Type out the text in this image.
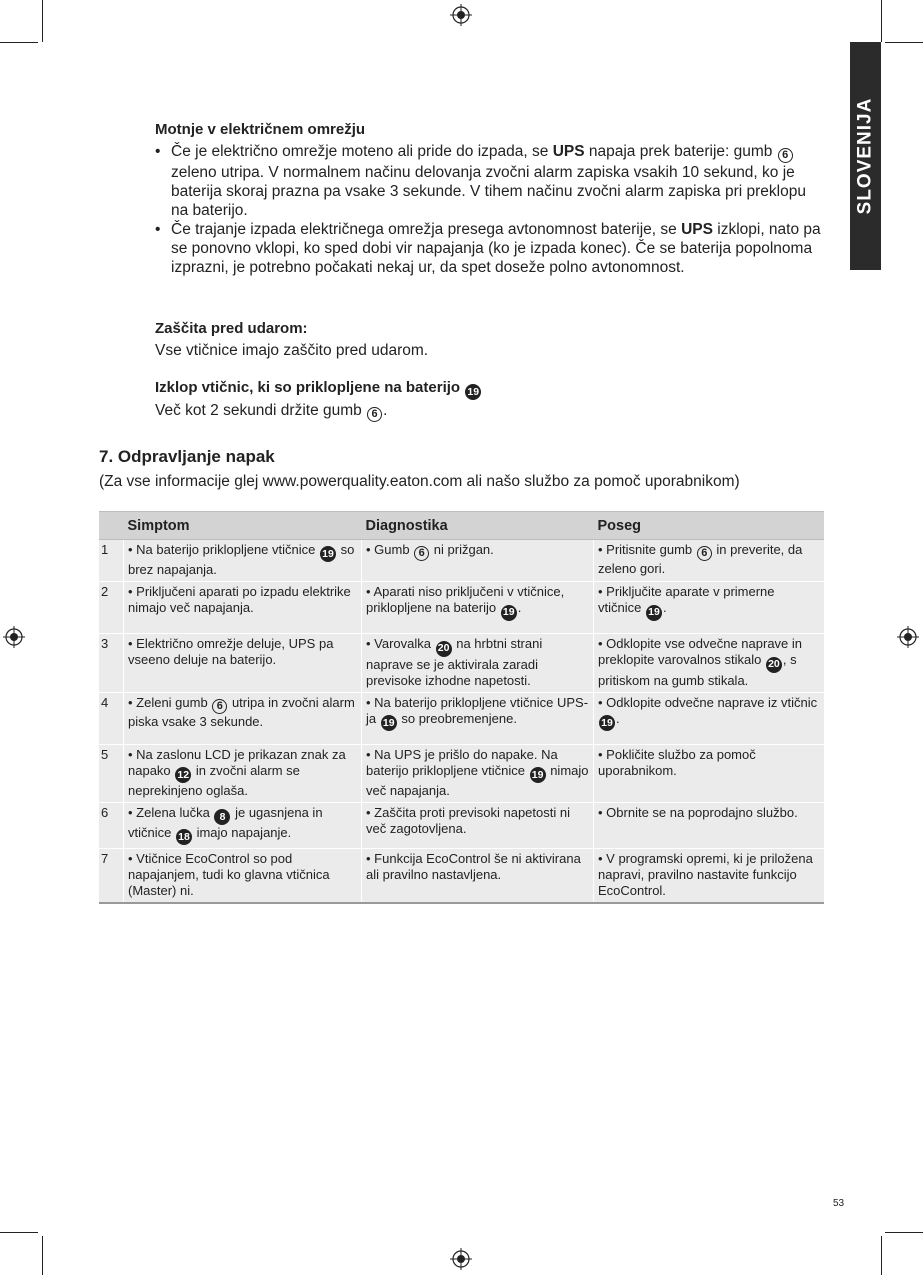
SLOVENIJA
Motnje v električnem omrežju
• Če je električno omrežje moteno ali pride do izpada, se UPS napaja prek baterije: gumb 6 zeleno utripa. V normalnem načinu delovanja zvočni alarm zapiska vsakih 10 sekund, ko je baterija skoraj prazna pa vsake 3 sekunde. V tihem načinu zvočni alarm zapiska pri preklopu na baterijo.
• Če trajanje izpada električnega omrežja presega avtonomnost baterije, se UPS izklopi, nato pa se ponovno vklopi, ko sped dobi vir napajanja (ko je izpada konec). Če se baterija popolnoma izprazni, je potrebno počakati nekaj ur, da spet doseže polno avtonomnost.
Zaščita pred udarom:
Vse vtičnice imajo zaščito pred udarom.
Izklop vtičnic, ki so priklopljene na baterijo 19
Več kot 2 sekundi držite gumb 6 .
7. Odpravljanje napak
(Za vse informacije glej www.powerquality.eaton.com ali našo službo za pomoč uporabnikom)
	Simptom	Diagnostika	Poseg
1	• Na baterijo priklopljene vtičnice 19 so brez napajanja.	• Gumb 6 ni prižgan.	• Pritisnite gumb 6 in preverite, da zeleno gori.
2	• Priključeni aparati po izpadu elektrike nimajo več napajanja.	• Aparati niso priključeni v vtičnice, priklopljene na baterijo 19 .	• Priključite aparate v primerne vtičnice 19 .
3	• Električno omrežje deluje, UPS pa vseeno deluje na baterijo.	• Varovalka 20 na hrbtni strani naprave se je aktivirala zaradi previsoke izhodne napetosti.	• Odklopite vse odvečne naprave in preklopite varovalnos stikalo 20 , s pritiskom na gumb stikala.
4	• Zeleni gumb 6 utripa in zvočni alarm piska vsake 3 sekunde.	• Na baterijo priklopljene vtičnice UPS-ja 19 so preobremenjene.	• Odklopite odvečne naprave iz vtičnic 19 .
5	• Na zaslonu LCD je prikazan znak za napako 12 in zvočni alarm se neprekinjeno oglaša.	• Na UPS je prišlo do napake. Na baterijo priklopljene vtičnice 19 nimajo več napajanja.	• Pokličite službo za pomoč uporabnikom.
6	• Zelena lučka 8 je ugasnjena in vtičnice 18 imajo napajanje.	• Zaščita proti previsoki napetosti ni več zagotovljena.	• Obrnite se na poprodajno službo.
7	• Vtičnice EcoControl so pod napajanjem, tudi ko glavna vtičnica (Master) ni.	• Funkcija EcoControl še ni aktivirana ali pravilno nastavljena.	• V programski opremi, ki je priložena napravi, pravilno nastavite funkcijo EcoControl.
53
